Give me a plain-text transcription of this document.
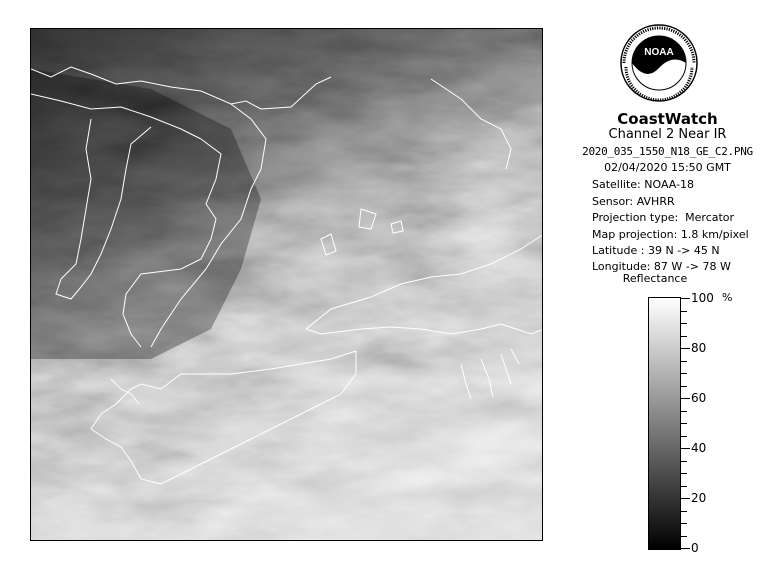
NOAA
CoastWatch
Channel 2 Near IR
2020_035_1550_N18_GE_C2.PNG
02/04/2020 15:50 GMT
Satellite: NOAA-18
Sensor: AVHRR
Projection type:  Mercator
Map projection: 1.8 km/pixel
Latitude : 39 N -> 45 N
Longitude: 87 W -> 78 W
Reflectance
%
100
80
60
40
20
0
